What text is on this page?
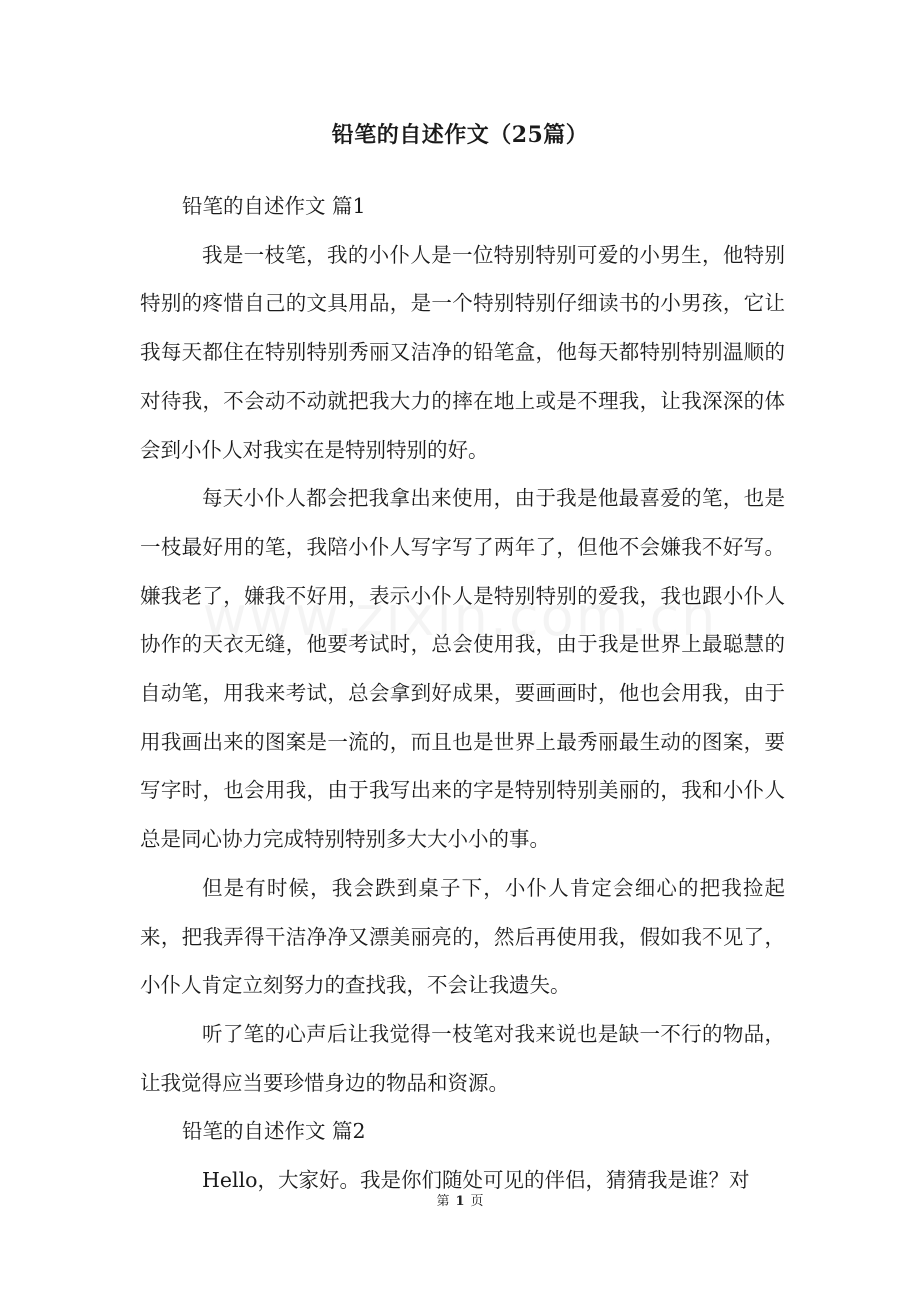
铅笔的自述作文（25篇）

铅笔的自述作文 篇1

我是一枝笔，我的小仆人是一位特别特别可爱的小男生，他特别特别的疼惜自己的文具用品，是一个特别特别仔细读书的小男孩，它让我每天都住在特别特别秀丽又洁净的铅笔盒，他每天都特别特别温顺的对待我，不会动不动就把我大力的摔在地上或是不理我，让我深深的体会到小仆人对我实在是特别特别的好。

每天小仆人都会把我拿出来使用，由于我是他最喜爱的笔，也是一枝最好用的笔，我陪小仆人写字写了两年了，但他不会嫌我不好写。嫌我老了，嫌我不好用，表示小仆人是特别特别的爱我，我也跟小仆人协作的天衣无缝，他要考试时，总会使用我，由于我是世界上最聪慧的自动笔，用我来考试，总会拿到好成果，要画画时，他也会用我，由于用我画出来的图案是一流的，而且也是世界上最秀丽最生动的图案，要写字时，也会用我，由于我写出来的字是特别特别美丽的，我和小仆人总是同心协力完成特别特别多大大小小的事。

但是有时候，我会跌到桌子下，小仆人肯定会细心的把我捡起来，把我弄得干洁净净又漂美丽亮的，然后再使用我，假如我不见了，小仆人肯定立刻努力的查找我，不会让我遗失。

听了笔的心声后让我觉得一枝笔对我来说也是缺一不行的物品，让我觉得应当要珍惜身边的物品和资源。

铅笔的自述作文 篇2

Hello，大家好。我是你们随处可见的伴侣，猜猜我是谁？对

第 1 页
